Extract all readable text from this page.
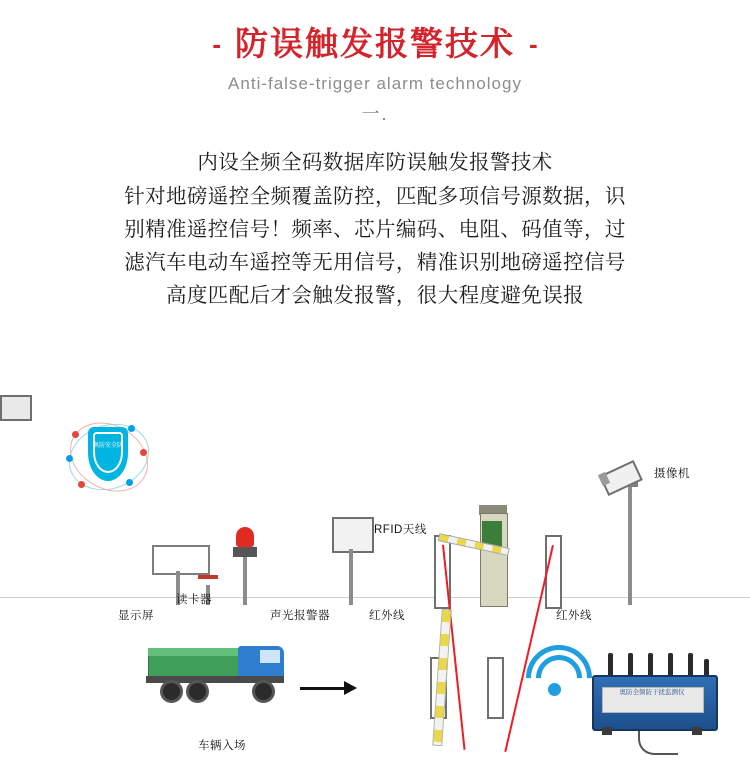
- 防误触发报警技术 -
Anti-false-trigger alarm technology
一.
内设全频全码数据库防误触发报警技术
针对地磅遥控全频覆盖防控，匹配多项信号源数据，识
别精准遥控信号！频率、芯片编码、电阻、码值等，过
滤汽车电动车遥控等无用信号，精准识别地磅遥控信号
高度匹配后才会触发报警，很大程度避免误报
奥防安全防
显示屏
读卡器
声光报警器
RFID天线
红外线	红外线
摄像机
车辆入场
奥防全频防干扰监测仪
